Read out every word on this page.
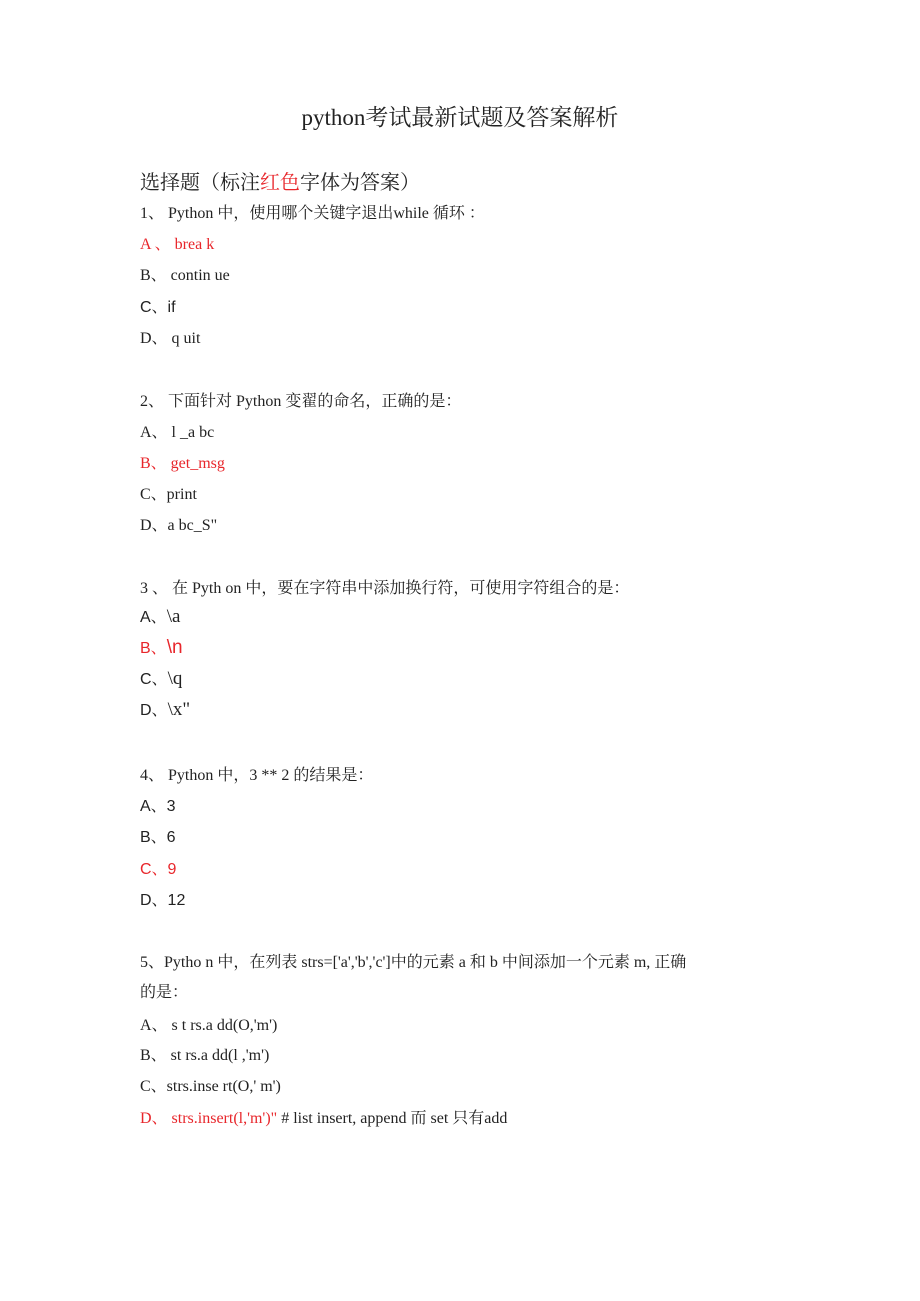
python考试最新试题及答案解析
选择题（标注红色字体为答案）
1、 Python 中，使用哪个关键字退出while 循环 ：
A 、 brea k
B、 contin ue
C、if
D、 q uit
2、 下面针对 Python 变翟的命名，正确的是：
A、 l _a bc
B、 get_msg
C、print
D、a bc_S"
3 、 在 Pyth on 中，要在字符串中添加换行符，可使用字符组合的是：
A、\a
B、\n
C、\q
D、\x"
4、 Python 中，3 ** 2 的结果是：
A、3
B、6
C、9
D、12
5、Pytho n 中，在列表 strs=['a','b','c']中的元素 a 和 b 中间添加一个元素 m, 正确
的是：
A、 s t rs.a dd(O,'m')
B、 st rs.a dd(l ,'m')
C、strs.inse rt(O,' m')
D、 strs.insert(l,'m')" # list insert, append 而 set 只有add
